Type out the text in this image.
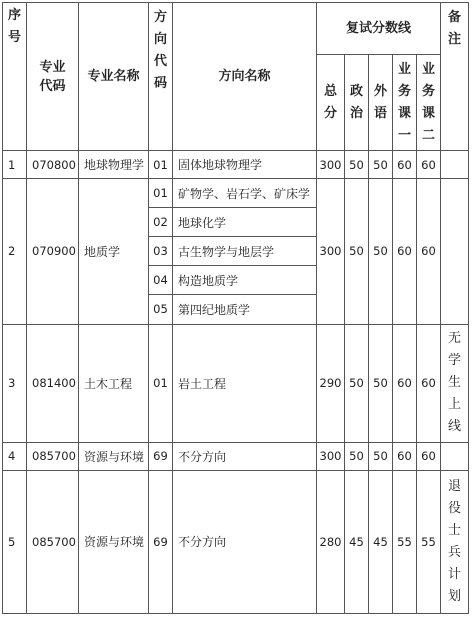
序号	专业代码	专业名称	方向代码	方向名称	复试分数线					备注
					总分	政治	外语	业务课一	业务课二	
1	070800	地球物理学	01	固体地球物理学	300	50	50	60	60	
2	070900	地质学	01	矿物学、岩石学、矿床学	300	50	50	60	60	
			02	地球化学						
			03	古生物学与地层学						
			04	构造地质学						
			05	第四纪地质学						
3	081400	土木工程	01	岩土工程	290	50	50	60	60	无学生上线
4	085700	资源与环境	69	不分方向	300	50	50	60	60	
5	085700	资源与环境	69	不分方向	280	45	45	55	55	退役士兵计划
